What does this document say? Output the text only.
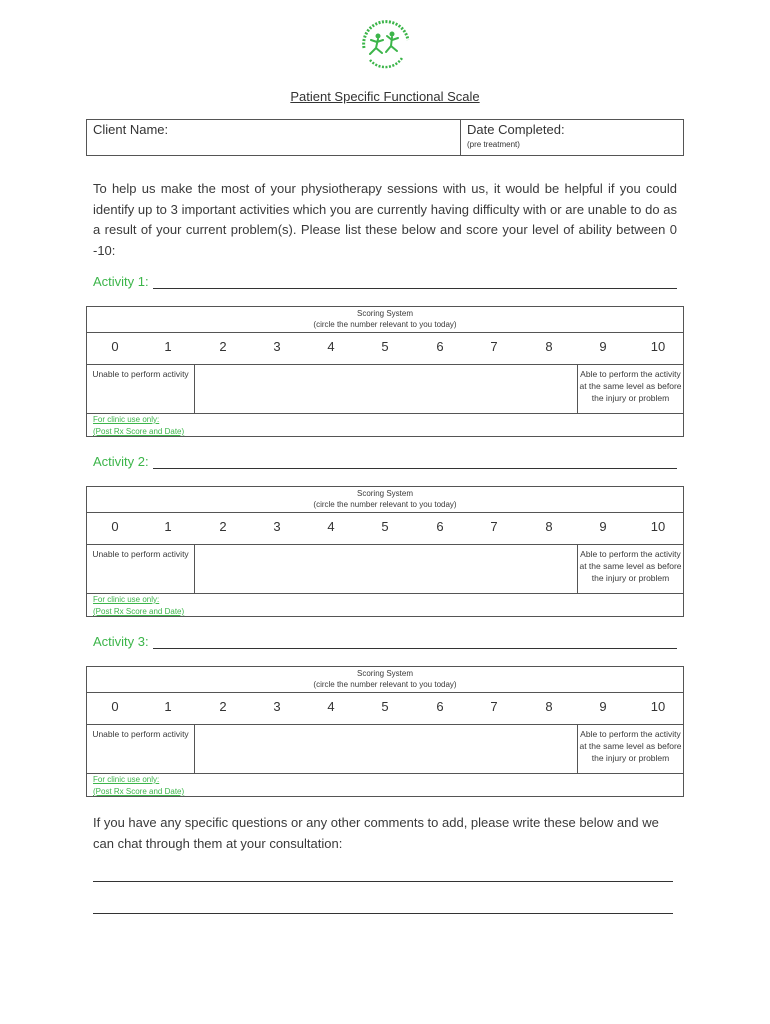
Patient Specific Functional Scale
Client Name:	Date Completed:
(pre treatment)
To help us make the most of your physiotherapy sessions with us, it would be helpful if you could identify up to 3 important activities which you are currently having difficulty with or are unable to do as a result of your current problem(s). Please list these below and score your level of ability between 0 -10:
Activity 1:
Scoring System
(circle the number relevant to you today)
0	1	2	3	4	5	6	7	8	9	10
Unable to perform activity	Able to perform the activity at the same level as before the injury or problem
For clinic use only:
(Post Rx Score and Date)
Activity 2:
Scoring System
(circle the number relevant to you today)
0	1	2	3	4	5	6	7	8	9	10
Unable to perform activity	Able to perform the activity at the same level as before the injury or problem
For clinic use only:
(Post Rx Score and Date)
Activity 3:
Scoring System
(circle the number relevant to you today)
0	1	2	3	4	5	6	7	8	9	10
Unable to perform activity	Able to perform the activity at the same level as before the injury or problem
For clinic use only:
(Post Rx Score and Date)
If you have any specific questions or any other comments to add, please write these below and we can chat through them at your consultation:
